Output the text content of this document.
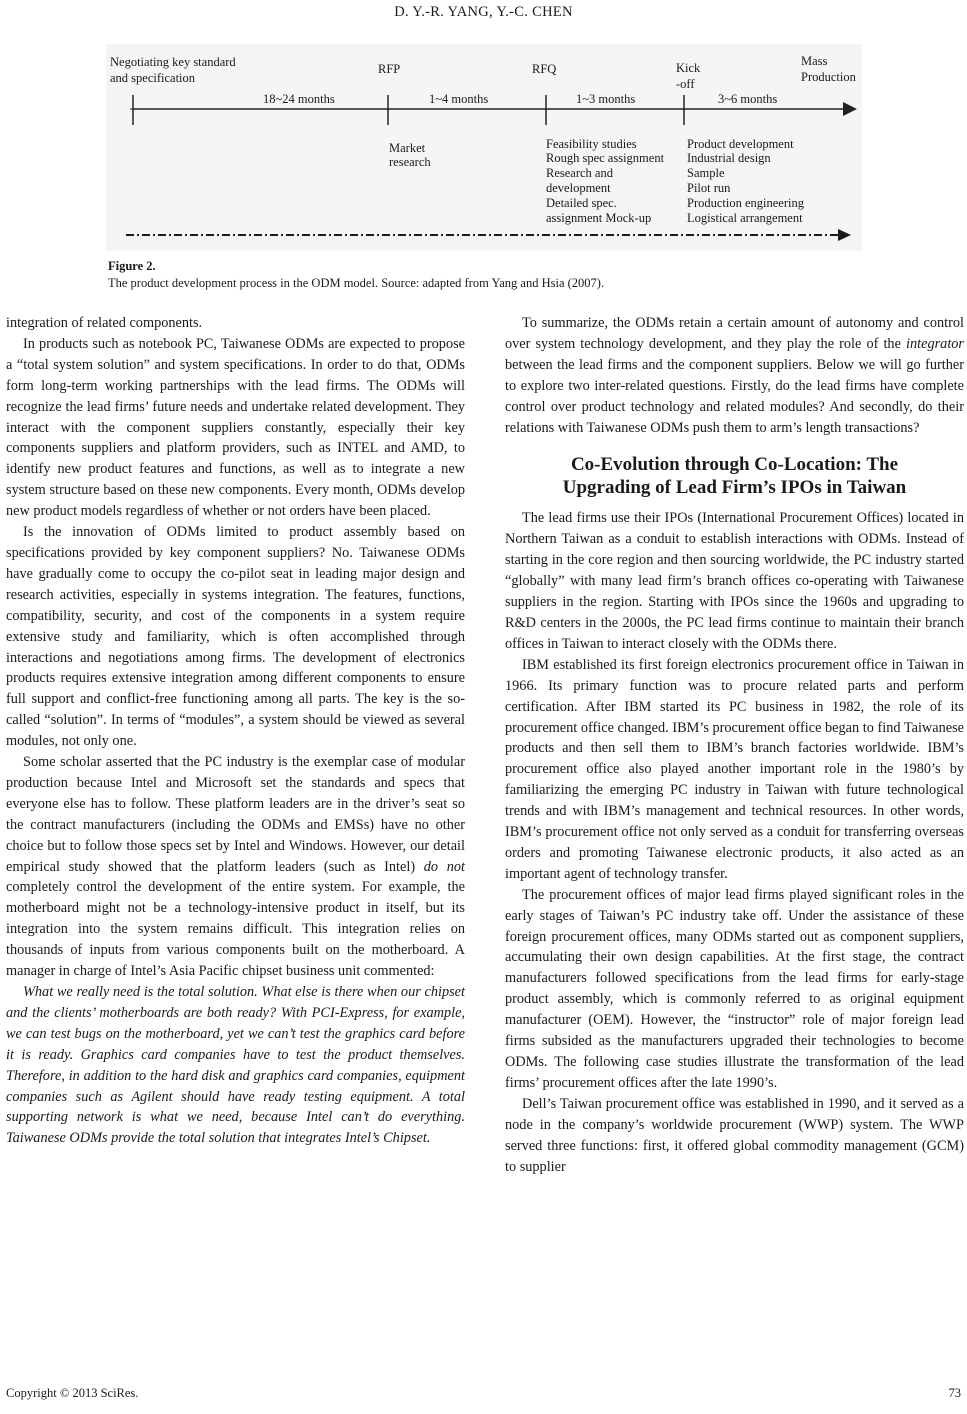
D. Y.-R. YANG, Y.-C. CHEN
Negotiating key standard
and specification
RFP	RFQ	Kick
-off
Mass
Production
18~24 months	1~4 months	1~3 months	3~6 months
Market
research
Feasibility studies
Rough spec assignment
Research and
development
Detailed spec.
assignment Mock-up
Product development
Industrial design
Sample
Pilot run
Production engineering
Logistical arrangement
Figure 2.
The product development process in the ODM model. Source: adapted from Yang and Hsia (2007).

integration of related components.

In products such as notebook PC, Taiwanese ODMs are expected to propose a “total system solution” and system specifications. In order to do that, ODMs form long-term working partnerships with the lead firms. The ODMs will recognize the lead firms’ future needs and undertake related development. They interact with the component suppliers constantly, especially their key components suppliers and platform providers, such as INTEL and AMD, to identify new product features and functions, as well as to integrate a new system structure based on these new components. Every month, ODMs develop new product models regardless of whether or not orders have been placed.

Is the innovation of ODMs limited to product assembly based on specifications provided by key component suppliers? No. Taiwanese ODMs have gradually come to occupy the co-pilot seat in leading major design and research activities, especially in systems integration. The features, functions, compatibility, security, and cost of the components in a system require extensive study and familiarity, which is often accomplished through interactions and negotiations among firms. The development of electronics products requires extensive integration among different components to ensure full support and conflict-free functioning among all parts. The key is the so-called “solution”. In terms of “modules”, a system should be viewed as several modules, not only one.

Some scholar asserted that the PC industry is the exemplar case of modular production because Intel and Microsoft set the standards and specs that everyone else has to follow. These platform leaders are in the driver’s seat so the contract manufacturers (including the ODMs and EMSs) have no other choice but to follow those specs set by Intel and Windows. However, our detail empirical study showed that the platform leaders (such as Intel) do not completely control the development of the entire system. For example, the motherboard might not be a technology-intensive product in itself, but its integration into the system remains difficult. This integration relies on thousands of inputs from various components built on the motherboard. A manager in charge of Intel’s Asia Pacific chipset business unit commented:

What we really need is the total solution. What else is there when our chipset and the clients’ motherboards are both ready? With PCI-Express, for example, we can test bugs on the motherboard, yet we can’t test the graphics card before it is ready. Graphics card companies have to test the product themselves. Therefore, in addition to the hard disk and graphics card companies, equipment companies such as Agilent should have ready testing equipment. A total supporting network is what we need, because Intel can’t do everything. Taiwanese ODMs provide the total solution that integrates Intel’s Chipset.

To summarize, the ODMs retain a certain amount of autonomy and control over system technology development, and they play the role of the integrator between the lead firms and the component suppliers. Below we will go further to explore two inter-related questions. Firstly, do the lead firms have complete control over product technology and related modules? And secondly, do their relations with Taiwanese ODMs push them to arm’s length transactions?

Co-Evolution through Co-Location: The
Upgrading of Lead Firm’s IPOs in Taiwan

The lead firms use their IPOs (International Procurement Offices) located in Northern Taiwan as a conduit to establish interactions with ODMs. Instead of starting in the core region and then sourcing worldwide, the PC industry started “globally” with many lead firm’s branch offices co-operating with Taiwanese suppliers in the region. Starting with IPOs since the 1960s and upgrading to R&D centers in the 2000s, the PC lead firms continue to maintain their branch offices in Taiwan to interact closely with the ODMs there.

IBM established its first foreign electronics procurement office in Taiwan in 1966. Its primary function was to procure related parts and perform certification. After IBM started its PC business in 1982, the role of its procurement office changed. IBM’s procurement office began to find Taiwanese products and then sell them to IBM’s branch factories worldwide. IBM’s procurement office also played another important role in the 1980’s by familiarizing the emerging PC industry in Taiwan with future technological trends and with IBM’s management and technical resources. In other words, IBM’s procurement office not only served as a conduit for transferring overseas orders and promoting Taiwanese electronic products, it also acted as an important agent of technology transfer.

The procurement offices of major lead firms played significant roles in the early stages of Taiwan’s PC industry take off. Under the assistance of these foreign procurement offices, many ODMs started out as component suppliers, accumulating their own design capabilities. At the first stage, the contract manufacturers followed specifications from the lead firms for early-stage product assembly, which is commonly referred to as original equipment manufacturer (OEM). However, the “instructor” role of major foreign lead firms subsided as the manufacturers upgraded their technologies to become ODMs. The following case studies illustrate the transformation of the lead firms’ procurement offices after the late 1990’s.

Dell’s Taiwan procurement office was established in 1990, and it served as a node in the company’s worldwide procurement (WWP) system. The WWP served three functions: first, it offered global commodity management (GCM) to supplier

Copyright © 2013 SciRes.	73
